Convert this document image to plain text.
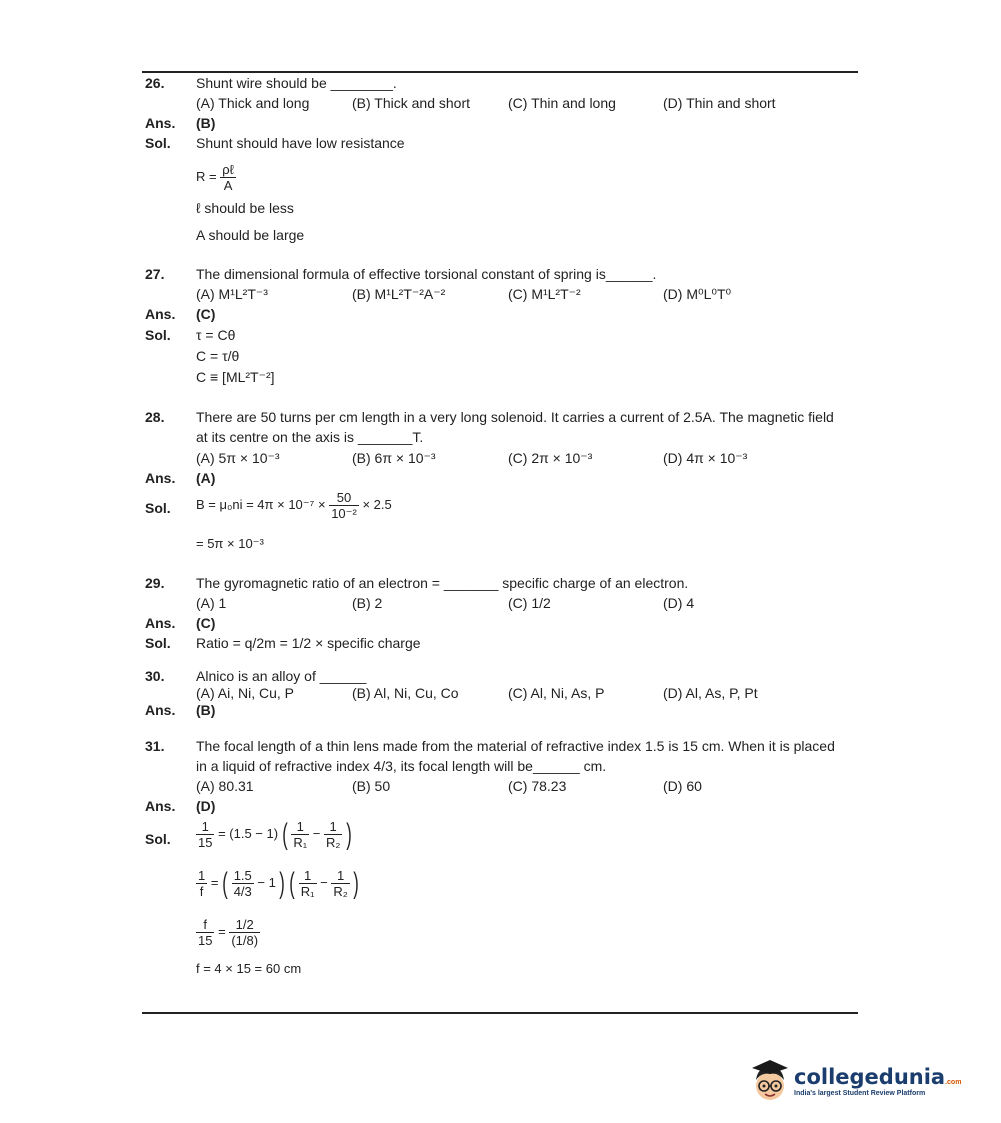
26. Shunt wire should be ________.
(A) Thick and long	(B) Thick and short	(C) Thin and long	(D) Thin and short
Ans. (B)
Sol. Shunt should have low resistance
$R = \frac{\text{ρℓ}}{A}$
ℓ should be less
A should be large
27. The dimensional formula of effective torsional constant of spring is______.
(A) M¹L²T⁻³	(B) M¹L²T⁻²A⁻²	(C) M¹L²T⁻²	(D) M⁰L⁰T⁰
Ans. (C)
Sol. τ = Cθ
C = τ/θ
C ≡ [ML²T⁻²]
28. There are 50 turns per cm length in a very long solenoid. It carries a current of 2.5A. The magnetic field
at its centre on the axis is _______T.
(A) 5π × 10⁻³	(B) 6π × 10⁻³	(C) 2π × 10⁻³	(D) 4π × 10⁻³
Ans. (A)
Sol. $B = \mu_0ni = 4\pi \times 10^{-7} \times \frac{50}{\text{10⁻²}} \times 2.5$
= 5π × 10⁻³
29. The gyromagnetic ratio of an electron = _______ specific charge of an electron.
(A) 1	(B) 2	(C) 1/2	(D) 4
Ans. (C)
Sol. Ratio = q/2m = 1/2 × specific charge
30. Alnico is an alloy of ______
(A) Ai, Ni, Cu, P	(B) Al, Ni, Cu, Co	(C) Al, Ni, As, P	(D) Al, As, P, Pt
Ans. (B)
31. The focal length of a thin lens made from the material of refractive index 1.5 is 15 cm. When it is placed
in a liquid of refractive index 4/3, its focal length will be______ cm.
(A) 80.31	(B) 50	(C) 78.23	(D) 60
Ans. (D)
Sol. $\frac{1}{15} = (1.5 - 1)$ ( $\frac{1}{\text{R₁}} - \frac{1}{\text{R₂}}$ )
$\frac{1}{f}$ = ( $\frac{1.5}{4/3} - 1$ ) ( $\frac{1}{\text{R₁}} - \frac{1}{\text{R₂}}$ )
$\frac{f}{15} = \frac{1/2}{(1/8)}$
f = 4 × 15 = 60 cm
collegedunia.com
India's largest Student Review Platform
